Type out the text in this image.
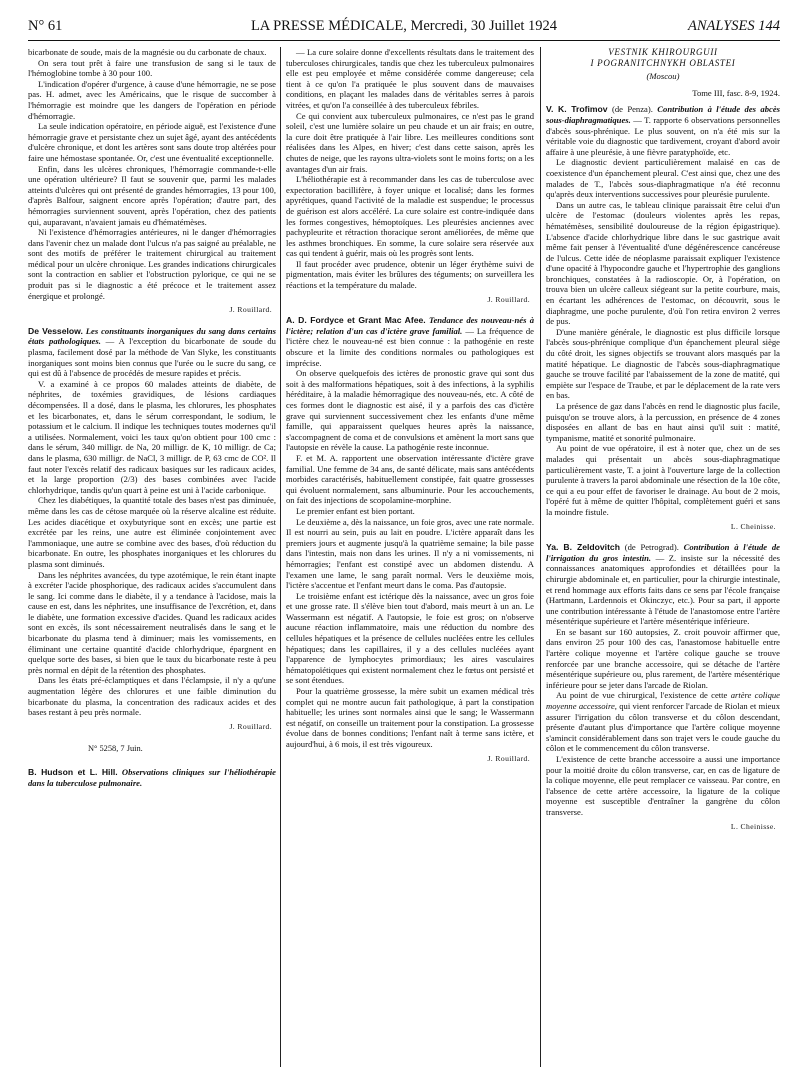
N° 61	LA PRESSE MÉDICALE, Mercredi, 30 Juillet 1924	ANALYSES 144

bicarbonate de soude, mais de la magnésie ou du carbonate de chaux.

On sera tout prêt à faire une transfusion de sang si le taux de l'hémoglobine tombe à 30 pour 100.

L'indication d'opérer d'urgence, à cause d'une hémorragie, ne se pose pas. H. admet, avec les Américains, que le risque de succomber à l'hémorragie est moindre que les dangers de l'opération en période d'hémorragie.

La seule indication opératoire, en période aiguë, est l'existence d'une hémorragie grave et persistante chez un sujet âgé, ayant des antécédents d'ulcère chronique, et dont les artères sont sans doute trop altérées pour faire une hémostase spontanée. Or, c'est une éventualité exceptionnelle.

Enfin, dans les ulcères chroniques, l'hémorragie commande-t-elle une opération ultérieure? Il faut se souvenir que, parmi les malades atteints d'ulcères qui ont présenté de grandes hémorragies, 13 pour 100, d'après Balfour, saignent encore après l'opération; d'autre part, des hémorragies surviennent souvent, après l'opération, chez des patients qui, auparavant, n'avaient jamais eu d'hématémèses.

Ni l'existence d'hémorragies antérieures, ni le danger d'hémorragies dans l'avenir chez un malade dont l'ulcus n'a pas saigné au préalable, ne sont des motifs de préférer le traitement chirurgical au traitement médical pour un ulcère chronique. Les grandes indications chirurgicales sont la contraction en sablier et l'obstruction pylorique, ce qui ne se produit pas si le diagnostic a été précoce et le traitement assez énergique et prolongé.

J. Rouillard.

De Vesselow. Les constituants inorganiques du sang dans certains états pathologiques. — A l'exception du bicarbonate de soude du plasma, facilement dosé par la méthode de Van Slyke, les constituants inorganiques sont moins bien connus que l'urée ou le sucre du sang, ce qui est dû à l'absence de procédés de mesure rapides et précis.

V. a examiné à ce propos 60 malades atteints de diabète, de néphrites, de toxémies gravidiques, de lésions cardiaques décompensées. Il a dosé, dans le plasma, les chlorures, les phosphates et les bicarbonates, et, dans le sérum correspondant, le sodium, le potassium et le calcium. Il indique les techniques toutes modernes qu'il a utilisées. Normalement, voici les taux qu'on obtient pour 100 cmc : dans le sérum, 340 milligr. de Na, 20 milligr. de K, 10 milligr. de Ca; dans le plasma, 630 milligr. de NaCl, 3 milligr. de P, 63 cmc de CO². Il faut noter l'excès relatif des radicaux basiques sur les radicaux acides, et la large proportion (2/3) des bases combinées avec l'acide chlorhydrique, tandis qu'un quart à peine est uni à l'acide carbonique.

Chez les diabétiques, la quantité totale des bases n'est pas diminuée, même dans les cas de cétose marquée où la réserve alcaline est réduite. Les acides diacétique et oxybutyrique sont en excès; une partie est excrétée par les reins, une autre est éliminée conjointement avec l'ammoniaque, une autre se combine avec des bases, d'où réduction du bicarbonate. En outre, les phosphates inorganiques et les chlorures du plasma sont diminués.

Dans les néphrites avancées, du type azotémique, le rein étant inapte à excréter l'acide phosphorique, des radicaux acides s'accumulent dans le sang. Ici comme dans le diabète, il y a tendance à l'acidose, mais la cause en est, dans les néphrites, une insuffisance de l'excrétion, et, dans le diabète, une formation excessive d'acides. Quand les radicaux acides sont en excès, ils sont nécessairement neutralisés dans le sang et le bicarbonate du plasma tend à diminuer; mais les vomissements, en éliminant une certaine quantité d'acide chlorhydrique, épargnent en quelque sorte des bases, si bien que le taux du bicarbonate reste à peu près normal en dépit de la rétention des phosphates.

Dans les états pré-éclamptiques et dans l'éclampsie, il n'y a qu'une augmentation légère des chlorures et une faible diminution du bicarbonate du plasma, la concentration des radicaux acides et des bases restant à peu près normale.

J. Rouillard.

N° 5258, 7 Juin.

B. Hudson et L. Hill. Observations cliniques sur l'héliothérapie dans la tuberculose pulmonaire.

— La cure solaire donne d'excellents résultats dans le traitement des tuberculoses chirurgicales, tandis que chez les tuberculeux pulmonaires elle est peu employée et même considérée comme dangereuse; cela tient à ce qu'on l'a pratiquée le plus souvent dans de mauvaises conditions, en plaçant les malades dans de véritables serres à parois vitrées, et qu'on l'a conseillée à des tuberculeux fébriles.

Ce qui convient aux tuberculeux pulmonaires, ce n'est pas le grand soleil, c'est une lumière solaire un peu chaude et un air frais; en outre, la cure doit être pratiquée à l'air libre. Les meilleures conditions sont réalisées dans les Alpes, en hiver; c'est dans cette saison, après les chutes de neige, que les rayons ultra-violets sont le moins forts; on a les avantages d'un air frais.

L'héliothérapie est à recommander dans les cas de tuberculose avec expectoration bacillifère, à foyer unique et localisé; dans les formes apyrétiques, quand l'activité de la maladie est suspendue; le processus de guérison est alors accéléré. La cure solaire est contre-indiquée dans les formes congestives, hémoptoïques. Les pleurésies anciennes avec pachypleurite et rétraction thoracique seront améliorées, de même que les asthmes bronchiques. En somme, la cure solaire sera réservée aux cas qui tendent à guérir, mais où les progrès sont lents.

Il faut procéder avec prudence, obtenir un léger érythème suivi de pigmentation, mais éviter les brûlures des téguments; on surveillera les réactions et la température du malade.

J. Rouillard.

A. D. Fordyce et Grant Mac Afee. Tendance des nouveau-nés à l'ictère; relation d'un cas d'ictère grave familial. — La fréquence de l'ictère chez le nouveau-né est bien connue : la pathogénie en reste obscure et la limite des conditions normales ou pathologiques est imprécise.

On observe quelquefois des ictères de pronostic grave qui sont dus soit à des malformations hépatiques, soit à des infections, à la syphilis héréditaire, à la maladie hémorragique des nouveau-nés, etc. A côté de ces formes dont le diagnostic est aisé, il y a parfois des cas d'ictère grave qui surviennent successivement chez les enfants d'une même famille, qui apparaissent quelques heures après la naissance, s'accompagnent de coma et de convulsions et amènent la mort sans que l'autopsie en révèle la cause. La pathogénie reste inconnue.

F. et M. A. rapportent une observation intéressante d'ictère grave familial. Une femme de 34 ans, de santé délicate, mais sans antécédents morbides caractérisés, habituellement constipée, fait quatre grossesses qui évoluent normalement, sans albuminurie. Pour les accouchements, on fait des injections de scopolamine-morphine.

Le premier enfant est bien portant.

Le deuxième a, dès la naissance, un foie gros, avec une rate normale. Il est nourri au sein, puis au lait en poudre. L'ictère apparaît dans les premiers jours et augmente jusqu'à la quatrième semaine; la bile passe dans l'intestin, mais non dans les urines. Il n'y a ni vomissements, ni hémorragies; l'enfant est constipé avec un abdomen distendu. A l'examen une lame, le sang paraît normal. Vers le deuxième mois, l'ictère s'accentue et l'enfant meurt dans le coma. Pas d'autopsie.

Le troisième enfant est ictérique dès la naissance, avec un gros foie et une grosse rate. Il s'élève bien tout d'abord, mais meurt à un an. Le Wassermann est négatif. A l'autopsie, le foie est gros; on n'observe aucune réaction inflammatoire, mais une réduction du nombre des cellules hépatiques et la présence de cellules nucléées entre les cellules hépatiques; dans les capillaires, il y a des cellules nucléées ayant l'apparence de lymphocytes primordiaux; les aires vasculaires hématopoïétiques qui existent normalement chez le fœtus ont persisté et se sont étendues.

Pour la quatrième grossesse, la mère subit un examen médical très complet qui ne montre aucun fait pathologique, à part la constipation habituelle; les urines sont normales ainsi que le sang; le Wassermann est négatif, on conseille un traitement pour la constipation. La grossesse évolue dans de bonnes conditions; l'enfant naît à terme sans ictère, et aujourd'hui, à 6 mois, il est très vigoureux.

J. Rouillard.

VESTNIK KHIROURGUII

I POGRANITCHNYKH OBLASTEI

(Moscou)

Tome III, fasc. 8-9, 1924.

V. K. Trofimov (de Penza). Contribution à l'étude des abcès sous-diaphragmatiques. — T. rapporte 6 observations personnelles d'abcès sous-phrénique. Le plus souvent, on n'a été mis sur la véritable voie du diagnostic que tardivement, croyant d'abord avoir affaire à une pleurésie, à une fièvre paratyphoïde, etc.

Le diagnostic devient particulièrement malaisé en cas de coexistence d'un épanchement pleural. C'est ainsi que, chez une des malades de T., l'abcès sous-diaphragmatique n'a été reconnu qu'après deux interventions successives pour pleurésie purulente.

Dans un autre cas, le tableau clinique paraissait être celui d'un ulcère de l'estomac (douleurs violentes après les repas, hématémèses, sensibilité douloureuse de la région épigastrique). L'absence d'acide chlorhydrique libre dans le suc gastrique avait même fait penser à l'éventualité d'une dégénérescence cancéreuse de l'ulcus. Cette idée de néoplasme paraissait expliquer l'existence d'une opacité à l'hypocondre gauche et l'hypertrophie des ganglions bronchiques, constatées à la radioscopie. Or, à l'opération, on trouva bien un ulcère calleux siégeant sur la petite courbure, mais, en écartant les adhérences de l'estomac, on découvrit, sous le diaphragme, une poche purulente, d'où l'on retira environ 2 verres de pus.

D'une manière générale, le diagnostic est plus difficile lorsque l'abcès sous-phrénique complique d'un épanchement pleural siège du côté droit, les signes objectifs se trouvant alors masqués par la matité hépatique. Le diagnostic de l'abcès sous-diaphragmatique gauche se trouve facilité par l'abaissement de la zone de matité, qui empiète sur l'espace de Traube, et par le déplacement de la rate vers en bas.

La présence de gaz dans l'abcès en rend le diagnostic plus facile, puisqu'on se trouve alors, à la percussion, en présence de 4 zones disposées en allant de bas en haut ainsi qu'il suit : matité, tympanisme, matité et sonorité pulmonaire.

Au point de vue opératoire, il est à noter que, chez un de ses malades qui présentait un abcès sous-diaphragmatique particulièrement vaste, T. a joint à l'ouverture large de la collection purulente à travers la paroi abdominale une résection de la 10e côte, ce qui a eu pour effet de favoriser le drainage. Au bout de 2 mois, l'opéré fut à même de quitter l'hôpital, complètement guéri et sans la moindre fistule.

L. Cheinisse.

Ya. B. Zeldovitch (de Petrograd). Contribution à l'étude de l'irrigation du gros intestin. — Z. insiste sur la nécessité des connaissances anatomiques approfondies et détaillées pour la chirurgie abdominale et, en particulier, pour la chirurgie intestinale, et rend hommage aux efforts faits dans ce sens par l'école française (Hartmann, Lardennois et Okinczyc, etc.). Pour sa part, il apporte une contribution intéressante à l'étude de l'anastomose entre l'artère mésentérique supérieure et l'artère mésentérique inférieure.

En se basant sur 160 autopsies, Z. croit pouvoir affirmer que, dans environ 25 pour 100 des cas, l'anastomose habituelle entre l'artère colique moyenne et l'artère colique gauche se trouve renforcée par une branche accessoire, qui se détache de l'artère mésentérique supérieure ou, plus rarement, de l'artère mésentérique inférieure pour se jeter dans l'arcade de Riolan.

Au point de vue chirurgical, l'existence de cette artère colique moyenne accessoire, qui vient renforcer l'arcade de Riolan et mieux assurer l'irrigation du côlon transverse et du côlon descendant, présente d'autant plus d'importance que l'artère colique moyenne s'amincit considérablement dans son trajet vers le coude gauche du côlon et le commencement du côlon transverse.

L'existence de cette branche accessoire a aussi une importance pour la moitié droite du côlon transverse, car, en cas de ligature de la colique moyenne, elle peut remplacer ce vaisseau. Par contre, en l'absence de cette artère accessoire, la ligature de la colique moyenne est susceptible d'entraîner la gangrène du côlon transverse.

L. Cheinisse.
